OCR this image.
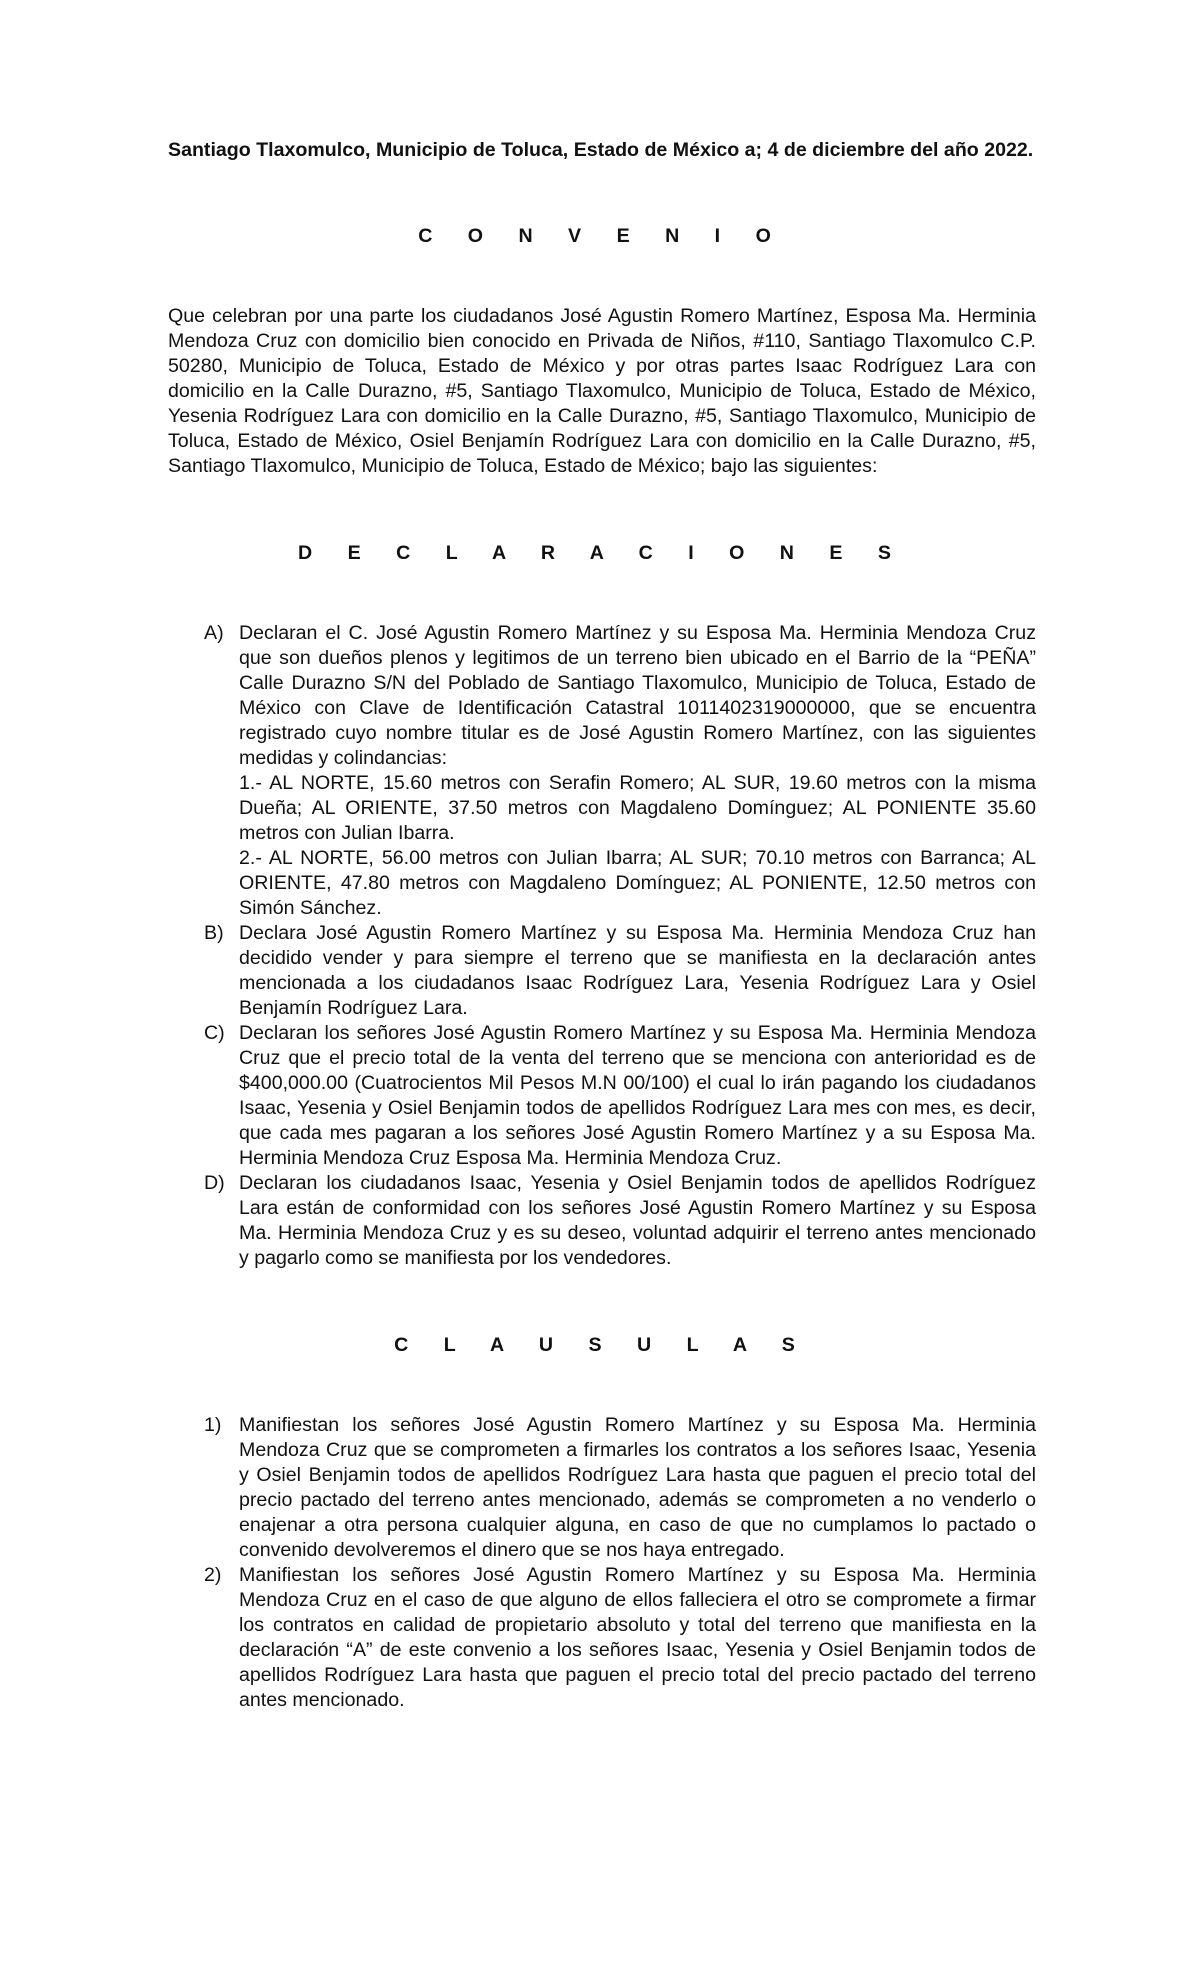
Santiago Tlaxomulco, Municipio de Toluca, Estado de México a; 4 de diciembre del año 2022.

C O N V E N I O

Que celebran por una parte los ciudadanos José Agustin Romero Martínez, Esposa Ma. Herminia Mendoza Cruz con domicilio bien conocido en Privada de Niños, #110, Santiago Tlaxomulco C.P. 50280, Municipio de Toluca, Estado de México y por otras partes Isaac Rodríguez Lara con domicilio en la Calle Durazno, #5, Santiago Tlaxomulco, Municipio de Toluca, Estado de México, Yesenia Rodríguez Lara con domicilio en la Calle Durazno, #5, Santiago Tlaxomulco, Municipio de Toluca, Estado de México, Osiel Benjamín Rodríguez Lara con domicilio en la Calle Durazno, #5, Santiago Tlaxomulco, Municipio de Toluca, Estado de México; bajo las siguientes:

D E C L A R A C I O N E S

A) Declaran el C. José Agustin Romero Martínez y su Esposa Ma. Herminia Mendoza Cruz que son dueños plenos y legitimos de un terreno bien ubicado en el Barrio de la “PEÑA” Calle Durazno S/N del Poblado de Santiago Tlaxomulco, Municipio de Toluca, Estado de México con Clave de Identificación Catastral 1011402319000000, que se encuentra registrado cuyo nombre titular es de José Agustin Romero Martínez, con las siguientes medidas y colindancias:

1.- AL NORTE, 15.60 metros con Serafin Romero; AL SUR, 19.60 metros con la misma Dueña; AL ORIENTE, 37.50 metros con Magdaleno Domínguez; AL PONIENTE 35.60 metros con Julian Ibarra.

2.- AL NORTE, 56.00 metros con Julian Ibarra; AL SUR; 70.10 metros con Barranca; AL ORIENTE, 47.80 metros con Magdaleno Domínguez; AL PONIENTE, 12.50 metros con Simón Sánchez.

B) Declara José Agustin Romero Martínez y su Esposa Ma. Herminia Mendoza Cruz han decidido vender y para siempre el terreno que se manifiesta en la declaración antes mencionada a los ciudadanos Isaac Rodríguez Lara, Yesenia Rodríguez Lara y Osiel Benjamín Rodríguez Lara.

C) Declaran los señores José Agustin Romero Martínez y su Esposa Ma. Herminia Mendoza Cruz que el precio total de la venta del terreno que se menciona con anterioridad es de $400,000.00 (Cuatrocientos Mil Pesos M.N 00/100) el cual lo irán pagando los ciudadanos Isaac, Yesenia y Osiel Benjamin todos de apellidos Rodríguez Lara mes con mes, es decir, que cada mes pagaran a los señores José Agustin Romero Martínez y a su Esposa Ma. Herminia Mendoza Cruz Esposa Ma. Herminia Mendoza Cruz.

D) Declaran los ciudadanos Isaac, Yesenia y Osiel Benjamin todos de apellidos Rodríguez Lara están de conformidad con los señores José Agustin Romero Martínez y su Esposa Ma. Herminia Mendoza Cruz y es su deseo, voluntad adquirir el terreno antes mencionado y pagarlo como se manifiesta por los vendedores.

C L A U S U L A S

1) Manifiestan los señores José Agustin Romero Martínez y su Esposa Ma. Herminia Mendoza Cruz que se comprometen a firmarles los contratos a los señores Isaac, Yesenia y Osiel Benjamin todos de apellidos Rodríguez Lara hasta que paguen el precio total del precio pactado del terreno antes mencionado, además se comprometen a no venderlo o enajenar a otra persona cualquier alguna, en caso de que no cumplamos lo pactado o convenido devolveremos el dinero que se nos haya entregado.

2) Manifiestan los señores José Agustin Romero Martínez y su Esposa Ma. Herminia Mendoza Cruz en el caso de que alguno de ellos falleciera el otro se compromete a firmar los contratos en calidad de propietario absoluto y total del terreno que manifiesta en la declaración “A” de este convenio a los señores Isaac, Yesenia y Osiel Benjamin todos de apellidos Rodríguez Lara hasta que paguen el precio total del precio pactado del terreno antes mencionado.
